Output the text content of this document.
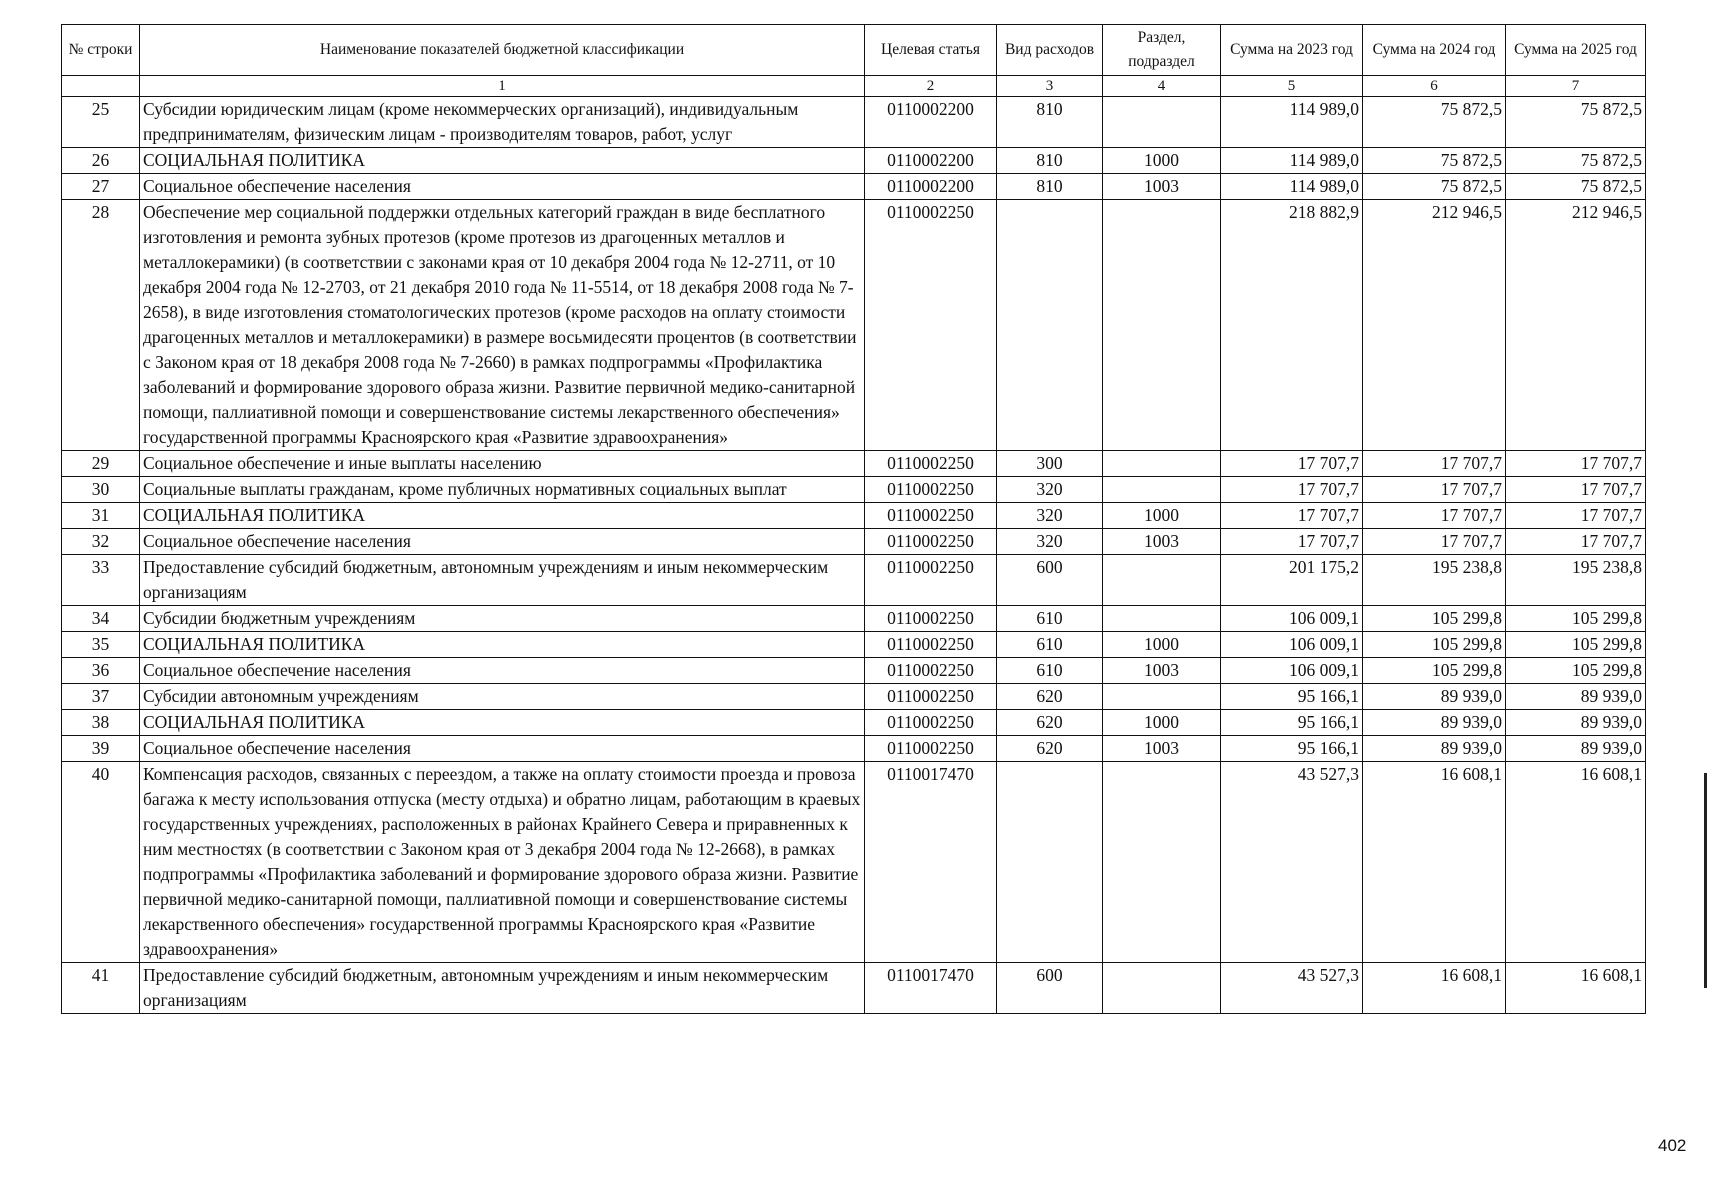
№ строки	Наименование показателей бюджетной классификации	Целевая статья	Вид расходов	Раздел, подраздел	Сумма на 2023 год	Сумма на 2024 год	Сумма на 2025 год
	1	2	3	4	5	6	7
25	Субсидии юридическим лицам (кроме некоммерческих организаций), индивидуальным предпринимателям, физическим лицам - производителям товаров, работ, услуг	0110002200	810		114 989,0	75 872,5	75 872,5
26	СОЦИАЛЬНАЯ ПОЛИТИКА	0110002200	810	1000	114 989,0	75 872,5	75 872,5
27	Социальное обеспечение населения	0110002200	810	1003	114 989,0	75 872,5	75 872,5
28	Обеспечение мер социальной поддержки отдельных категорий граждан в виде бесплатного изготовления и ремонта зубных протезов (кроме протезов из драгоценных металлов и металлокерамики) (в соответствии с законами края от 10 декабря 2004 года № 12-2711, от 10 декабря 2004 года № 12-2703, от 21 декабря 2010 года № 11-5514, от 18 декабря 2008 года № 7-2658), в виде изготовления стоматологических протезов (кроме расходов на оплату стоимости драгоценных металлов и металлокерамики) в размере восьмидесяти процентов (в соответствии с Законом края от 18 декабря 2008 года № 7-2660) в рамках подпрограммы «Профилактика заболеваний и формирование здорового образа жизни. Развитие первичной медико-санитарной помощи, паллиативной помощи и совершенствование системы лекарственного обеспечения» государственной программы Красноярского края «Развитие здравоохранения»	0110002250			218 882,9	212 946,5	212 946,5
29	Социальное обеспечение и иные выплаты населению	0110002250	300		17 707,7	17 707,7	17 707,7
30	Социальные выплаты гражданам, кроме публичных нормативных социальных выплат	0110002250	320		17 707,7	17 707,7	17 707,7
31	СОЦИАЛЬНАЯ ПОЛИТИКА	0110002250	320	1000	17 707,7	17 707,7	17 707,7
32	Социальное обеспечение населения	0110002250	320	1003	17 707,7	17 707,7	17 707,7
33	Предоставление субсидий бюджетным, автономным учреждениям и иным некоммерческим организациям	0110002250	600		201 175,2	195 238,8	195 238,8
34	Субсидии бюджетным учреждениям	0110002250	610		106 009,1	105 299,8	105 299,8
35	СОЦИАЛЬНАЯ ПОЛИТИКА	0110002250	610	1000	106 009,1	105 299,8	105 299,8
36	Социальное обеспечение населения	0110002250	610	1003	106 009,1	105 299,8	105 299,8
37	Субсидии автономным учреждениям	0110002250	620		95 166,1	89 939,0	89 939,0
38	СОЦИАЛЬНАЯ ПОЛИТИКА	0110002250	620	1000	95 166,1	89 939,0	89 939,0
39	Социальное обеспечение населения	0110002250	620	1003	95 166,1	89 939,0	89 939,0
40	Компенсация расходов, связанных с переездом, а также на оплату стоимости проезда и провоза багажа к месту использования отпуска (месту отдыха) и обратно лицам, работающим в краевых государственных учреждениях, расположенных в районах Крайнего Севера и приравненных к ним местностях (в соответствии с Законом края от 3 декабря 2004 года № 12-2668), в рамках подпрограммы «Профилактика заболеваний и формирование здорового образа жизни. Развитие первичной медико-санитарной помощи, паллиативной помощи и совершенствование системы лекарственного обеспечения» государственной программы Красноярского края «Развитие здравоохранения»	0110017470			43 527,3	16 608,1	16 608,1
41	Предоставление субсидий бюджетным, автономным учреждениям и иным некоммерческим организациям	0110017470	600		43 527,3	16 608,1	16 608,1
402
